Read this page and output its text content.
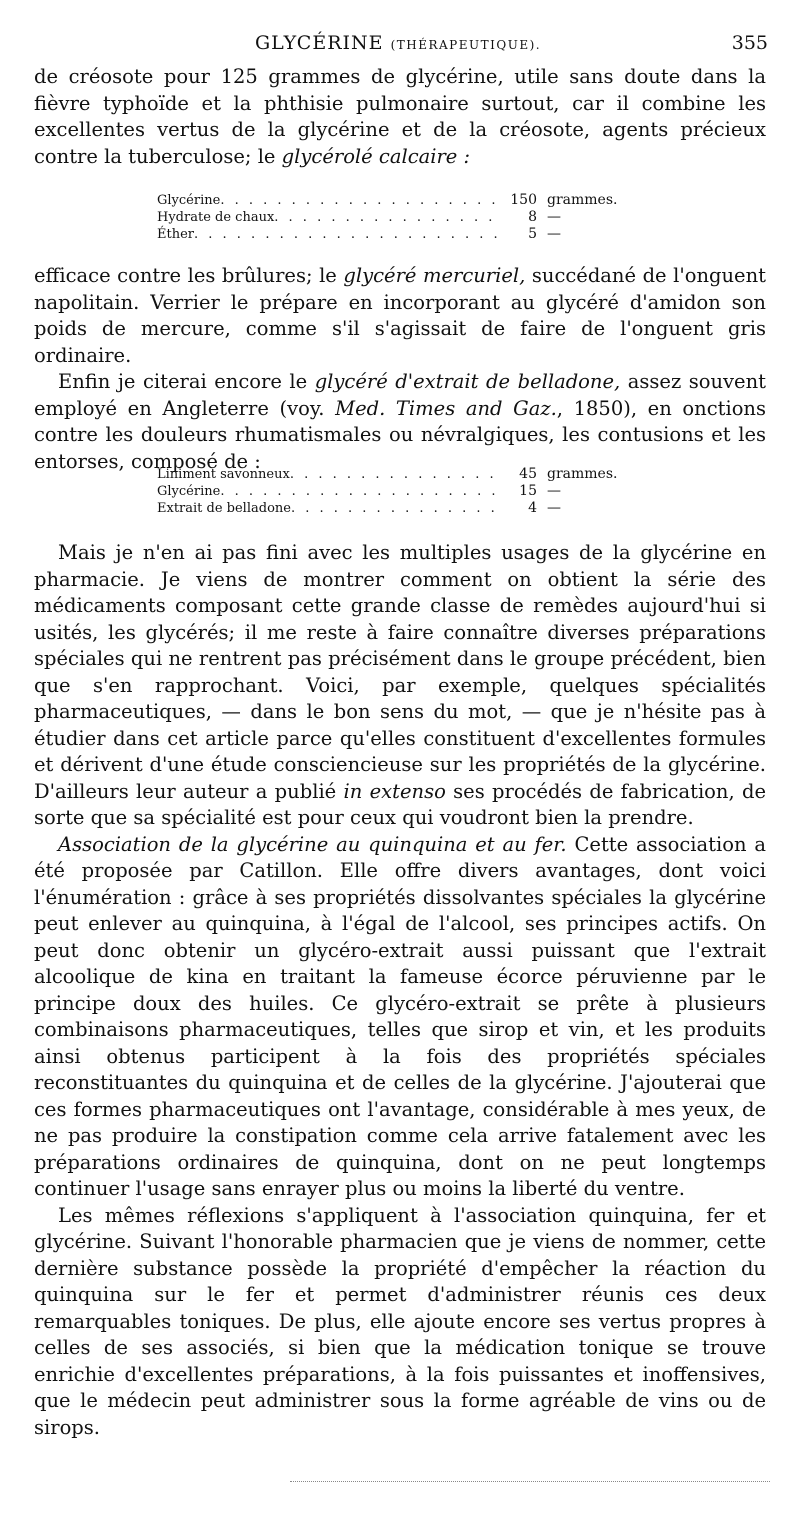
GLYCÉRINE (THÉRAPEUTIQUE).	355

de créosote pour 125 grammes de glycérine, utile sans doute dans la fièvre typhoïde et la phthisie pulmonaire surtout, car il combine les excellentes vertus de la glycérine et de la créosote, agents précieux contre la tuberculose; le glycérolé calcaire :

Glycérine . . .	150 grammes.
Hydrate de chaux . . .	8 —
Éther . . .	5 —

efficace contre les brûlures; le glycéré mercuriel, succédané de l'onguent napolitain. Verrier le prépare en incorporant au glycéré d'amidon son poids de mercure, comme s'il s'agissait de faire de l'onguent gris ordinaire.

Enfin je citerai encore le glycéré d'extrait de belladone, assez souvent employé en Angleterre (voy. Med. Times and Gaz., 1850), en onctions contre les douleurs rhumatismales ou névralgiques, les contusions et les entorses, composé de :

Liniment savonneux . . .	45 grammes.
Glycérine . . .	15 —
Extrait de belladone . . .	4 —

Mais je n'en ai pas fini avec les multiples usages de la glycérine en pharmacie. Je viens de montrer comment on obtient la série des médicaments composant cette grande classe de remèdes aujourd'hui si usités, les glycérés; il me reste à faire connaître diverses préparations spéciales qui ne rentrent pas précisément dans le groupe précédent, bien que s'en rapprochant. Voici, par exemple, quelques spécialités pharmaceutiques, — dans le bon sens du mot, — que je n'hésite pas à étudier dans cet article parce qu'elles constituent d'excellentes formules et dérivent d'une étude consciencieuse sur les propriétés de la glycérine. D'ailleurs leur auteur a publié in extenso ses procédés de fabrication, de sorte que sa spécialité est pour ceux qui voudront bien la prendre.

Association de la glycérine au quinquina et au fer. Cette association a été proposée par Catillon. Elle offre divers avantages, dont voici l'énumération : grâce à ses propriétés dissolvantes spéciales la glycérine peut enlever au quinquina, à l'égal de l'alcool, ses principes actifs. On peut donc obtenir un glycéro-extrait aussi puissant que l'extrait alcoolique de kina en traitant la fameuse écorce péruvienne par le principe doux des huiles. Ce glycéro-extrait se prête à plusieurs combinaisons pharmaceutiques, telles que sirop et vin, et les produits ainsi obtenus participent à la fois des propriétés spéciales reconstituantes du quinquina et de celles de la glycérine. J'ajouterai que ces formes pharmaceutiques ont l'avantage, considérable à mes yeux, de ne pas produire la constipation comme cela arrive fatalement avec les préparations ordinaires de quinquina, dont on ne peut longtemps continuer l'usage sans enrayer plus ou moins la liberté du ventre.

Les mêmes réflexions s'appliquent à l'association quinquina, fer et glycérine. Suivant l'honorable pharmacien que je viens de nommer, cette dernière substance possède la propriété d'empêcher la réaction du quinquina sur le fer et permet d'administrer réunis ces deux remarquables toniques. De plus, elle ajoute encore ses vertus propres à celles de ses associés, si bien que la médication tonique se trouve enrichie d'excellentes préparations, à la fois puissantes et inoffensives, que le médecin peut administrer sous la forme agréable de vins ou de sirops.
